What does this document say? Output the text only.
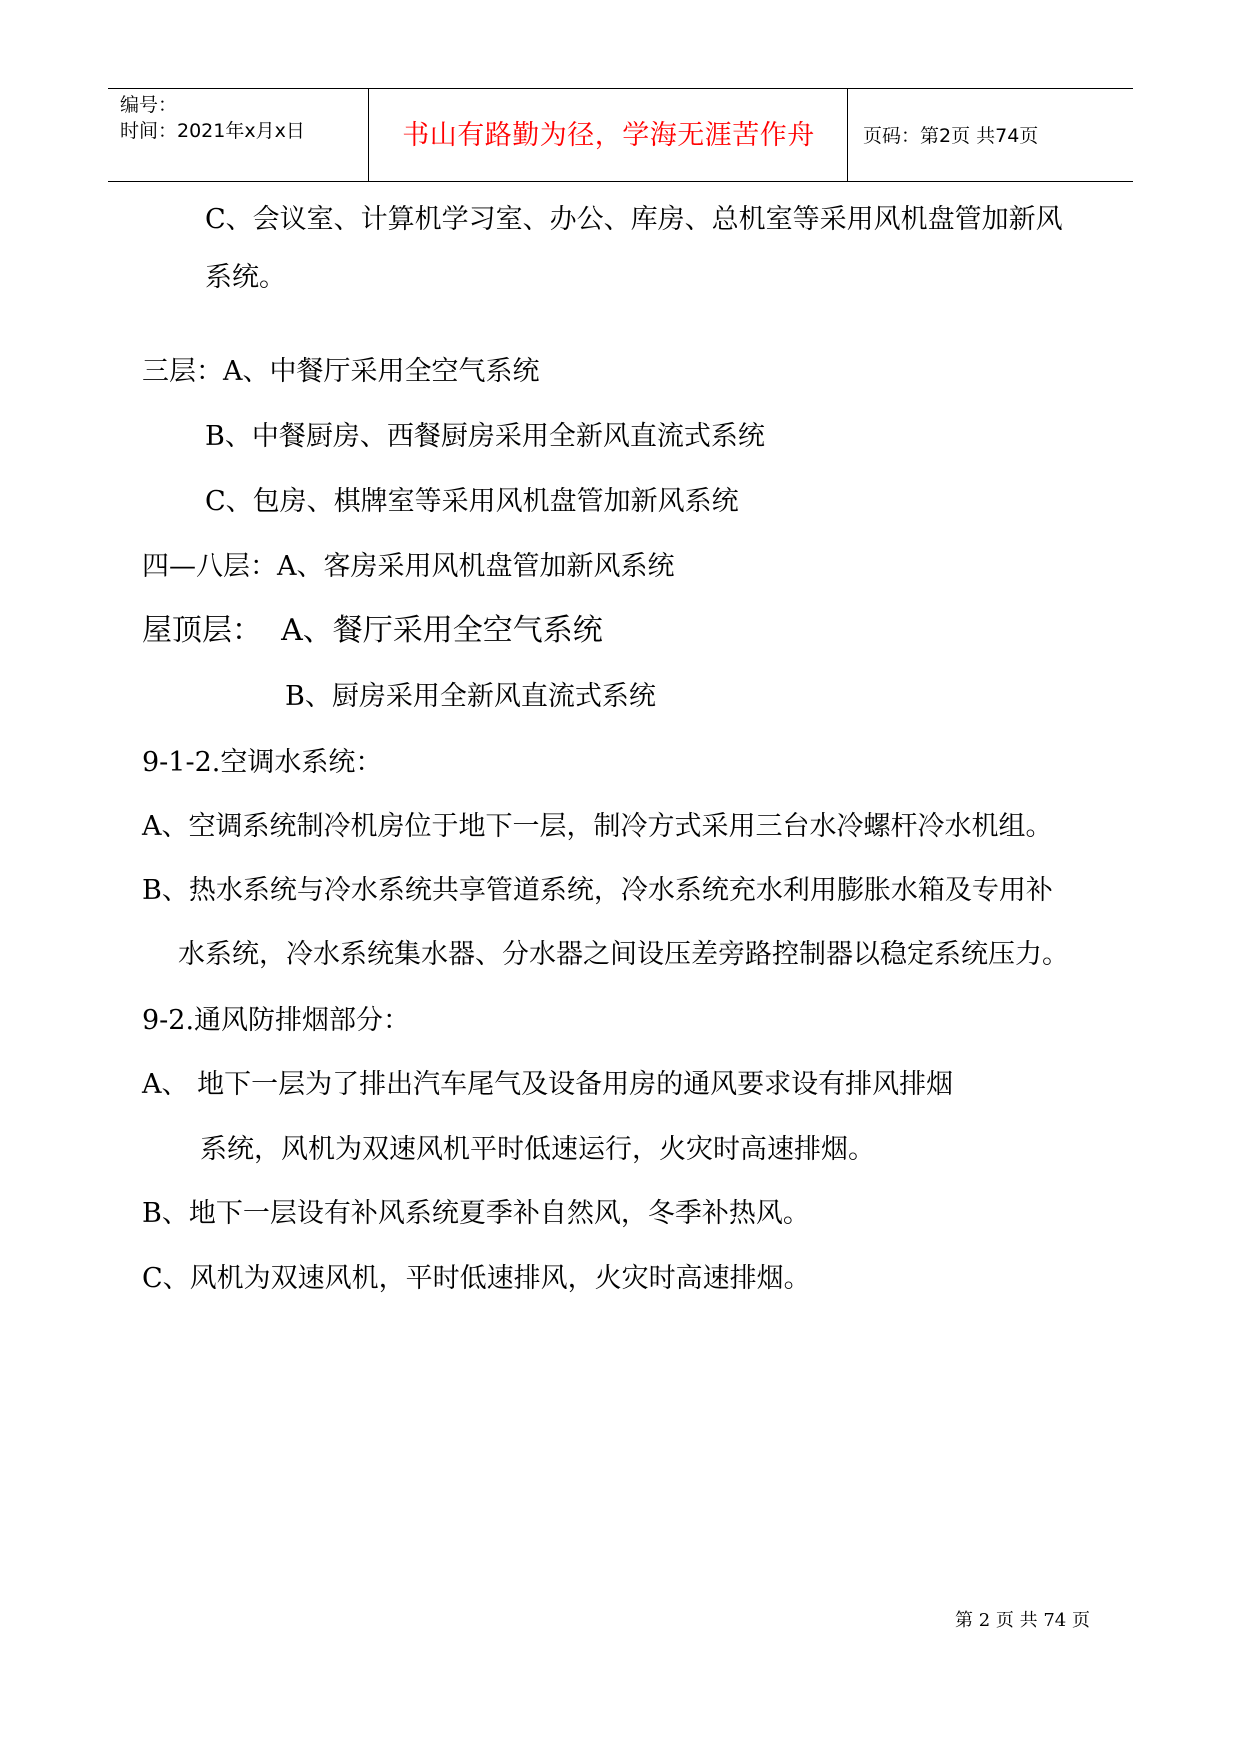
编号：
时间：2021年x月x日	书山有路勤为径，学海无涯苦作舟	页码：第2页 共74页
C、会议室、计算机学习室、办公、库房、总机室等采用风机盘管加新风
系统。
三层：A、中餐厅采用全空气系统
B、中餐厨房、西餐厨房采用全新风直流式系统
C、包房、棋牌室等采用风机盘管加新风系统
四—八层：A、客房采用风机盘管加新风系统
屋顶层：  A、餐厅采用全空气系统
B、厨房采用全新风直流式系统
9-1-2.空调水系统：
A、空调系统制冷机房位于地下一层，制冷方式采用三台水冷螺杆冷水机组。
B、热水系统与冷水系统共享管道系统，冷水系统充水利用膨胀水箱及专用补
水系统，冷水系统集水器、分水器之间设压差旁路控制器以稳定系统压力。
9-2.通风防排烟部分：
A、 地下一层为了排出汽车尾气及设备用房的通风要求设有排风排烟
系统，风机为双速风机平时低速运行，火灾时高速排烟。
B、地下一层设有补风系统夏季补自然风，冬季补热风。
C、风机为双速风机，平时低速排风，火灾时高速排烟。
第 2 页 共 74 页
